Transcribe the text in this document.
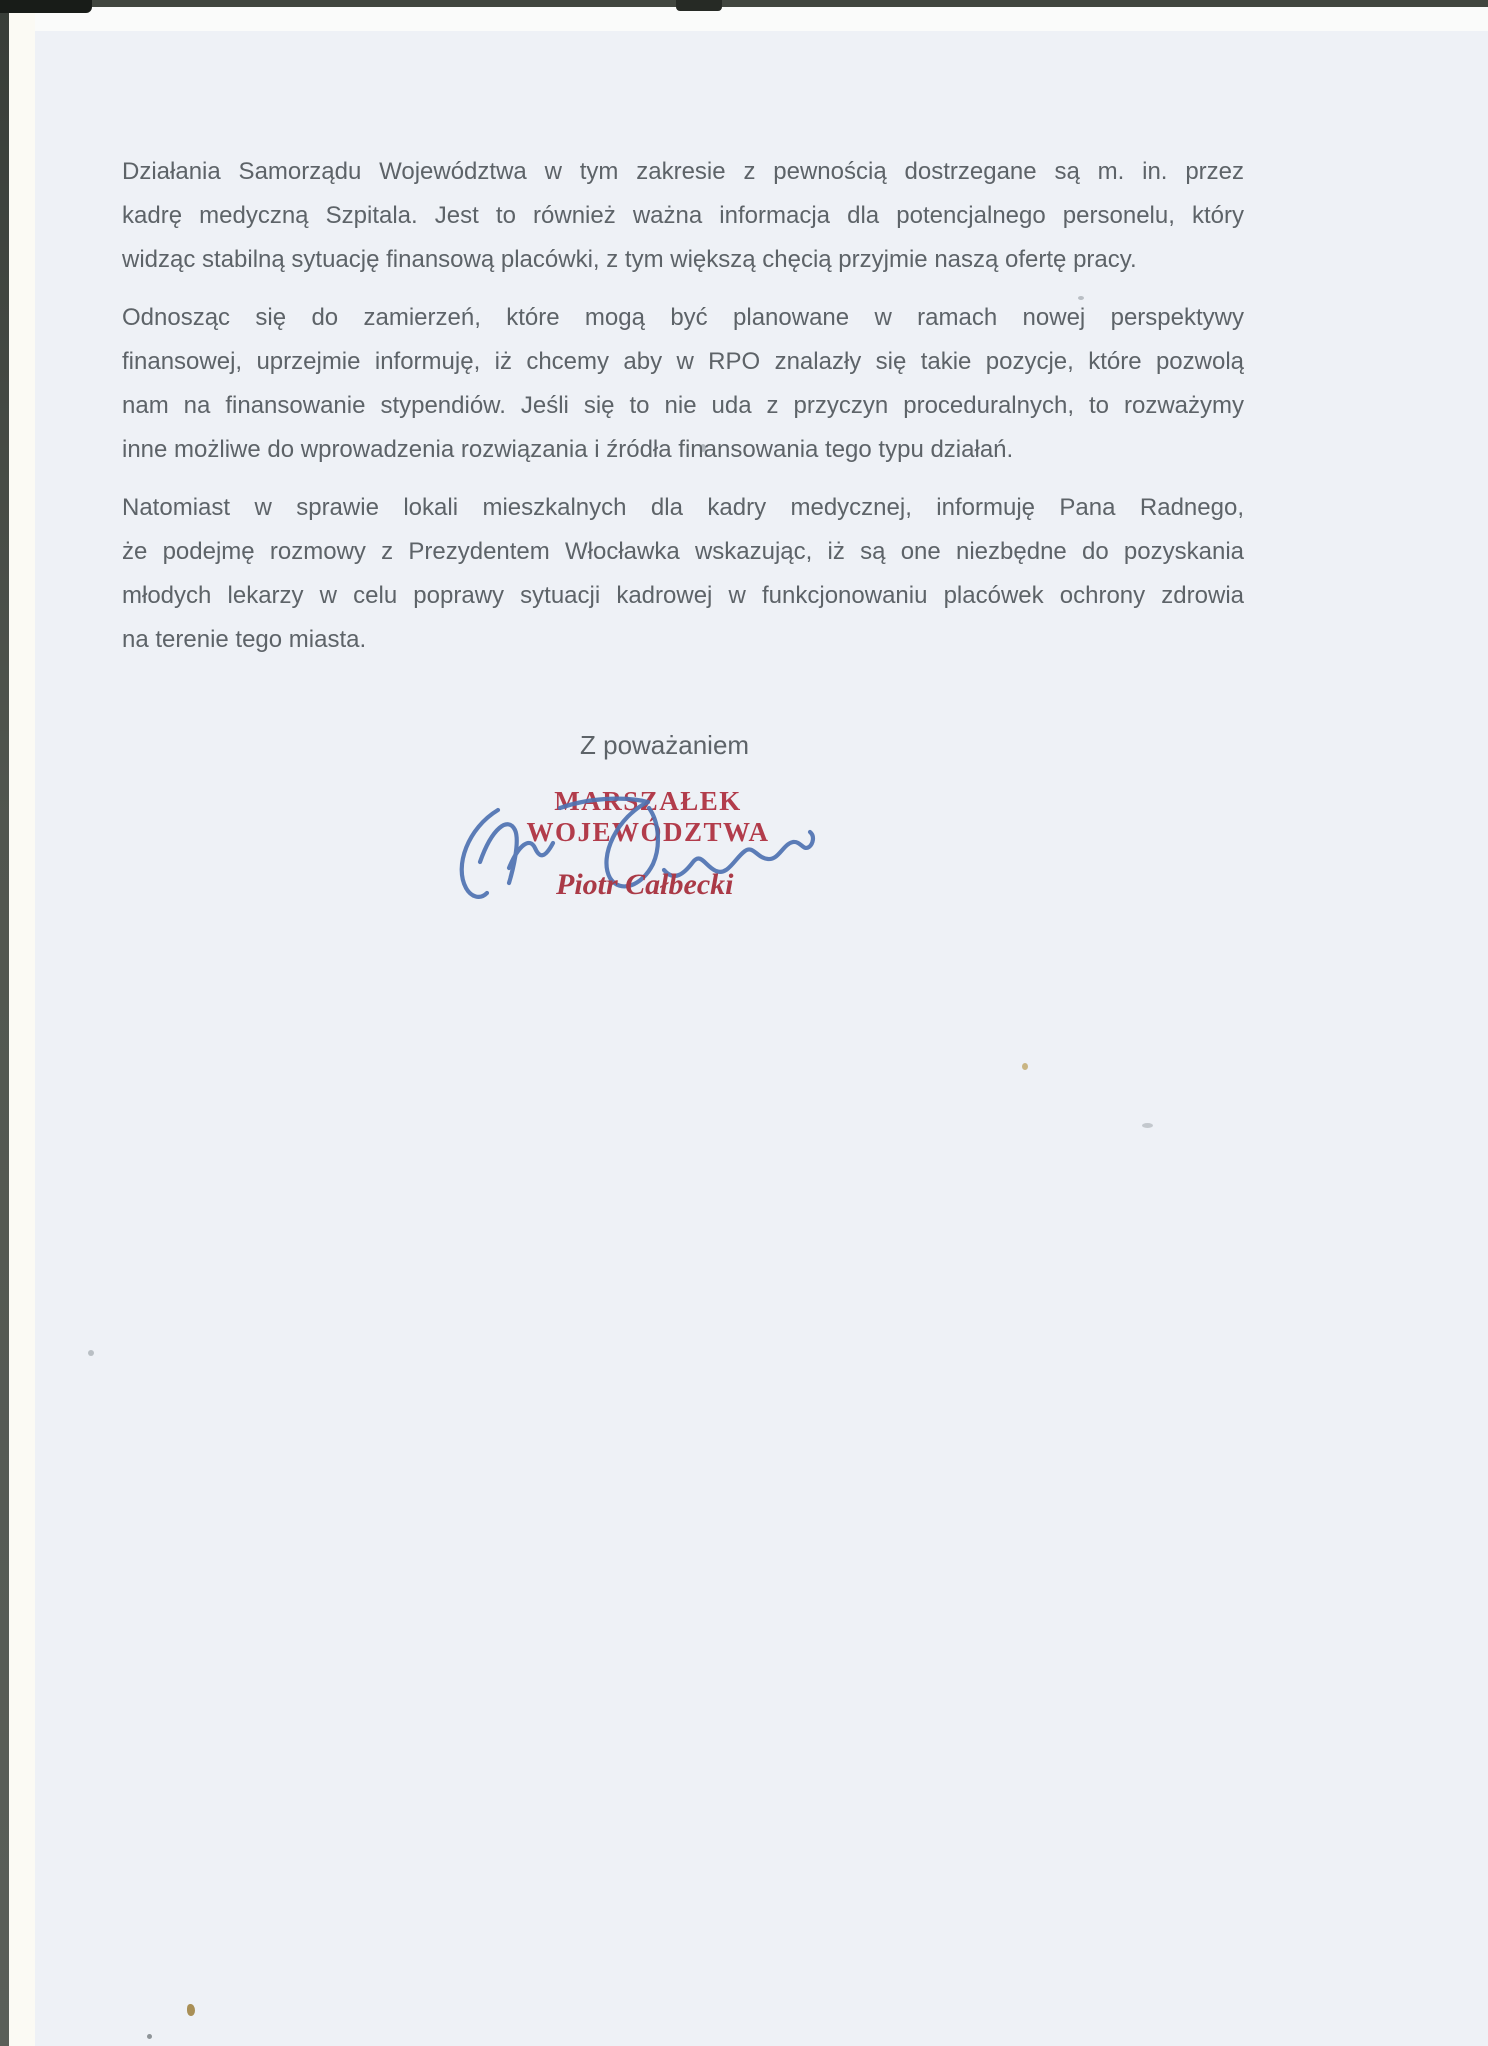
Działania Samorządu Województwa w tym zakresie z pewnością dostrzegane są m. in. przez
kadrę medyczną Szpitala. Jest to również ważna informacja dla potencjalnego personelu, który
widząc stabilną sytuację finansową placówki, z tym większą chęcią przyjmie naszą ofertę pracy.
Odnosząc się do zamierzeń, które mogą być planowane w ramach nowej perspektywy
finansowej, uprzejmie informuję, iż chcemy aby w RPO znalazły się takie pozycje, które pozwolą
nam na finansowanie stypendiów. Jeśli się to nie uda z przyczyn proceduralnych, to rozważymy
inne możliwe do wprowadzenia rozwiązania i źródła finansowania tego typu działań.
Natomiast w sprawie lokali mieszkalnych dla kadry medycznej, informuję Pana Radnego,
że podejmę rozmowy z Prezydentem Włocławka wskazując, iż są one niezbędne do pozyskania
młodych lekarzy w celu poprawy sytuacji kadrowej w funkcjonowaniu placówek ochrony zdrowia
na terenie tego miasta.
Z poważaniem
MARSZAŁEK WOJEWÓDZTWA
Piotr Całbecki
